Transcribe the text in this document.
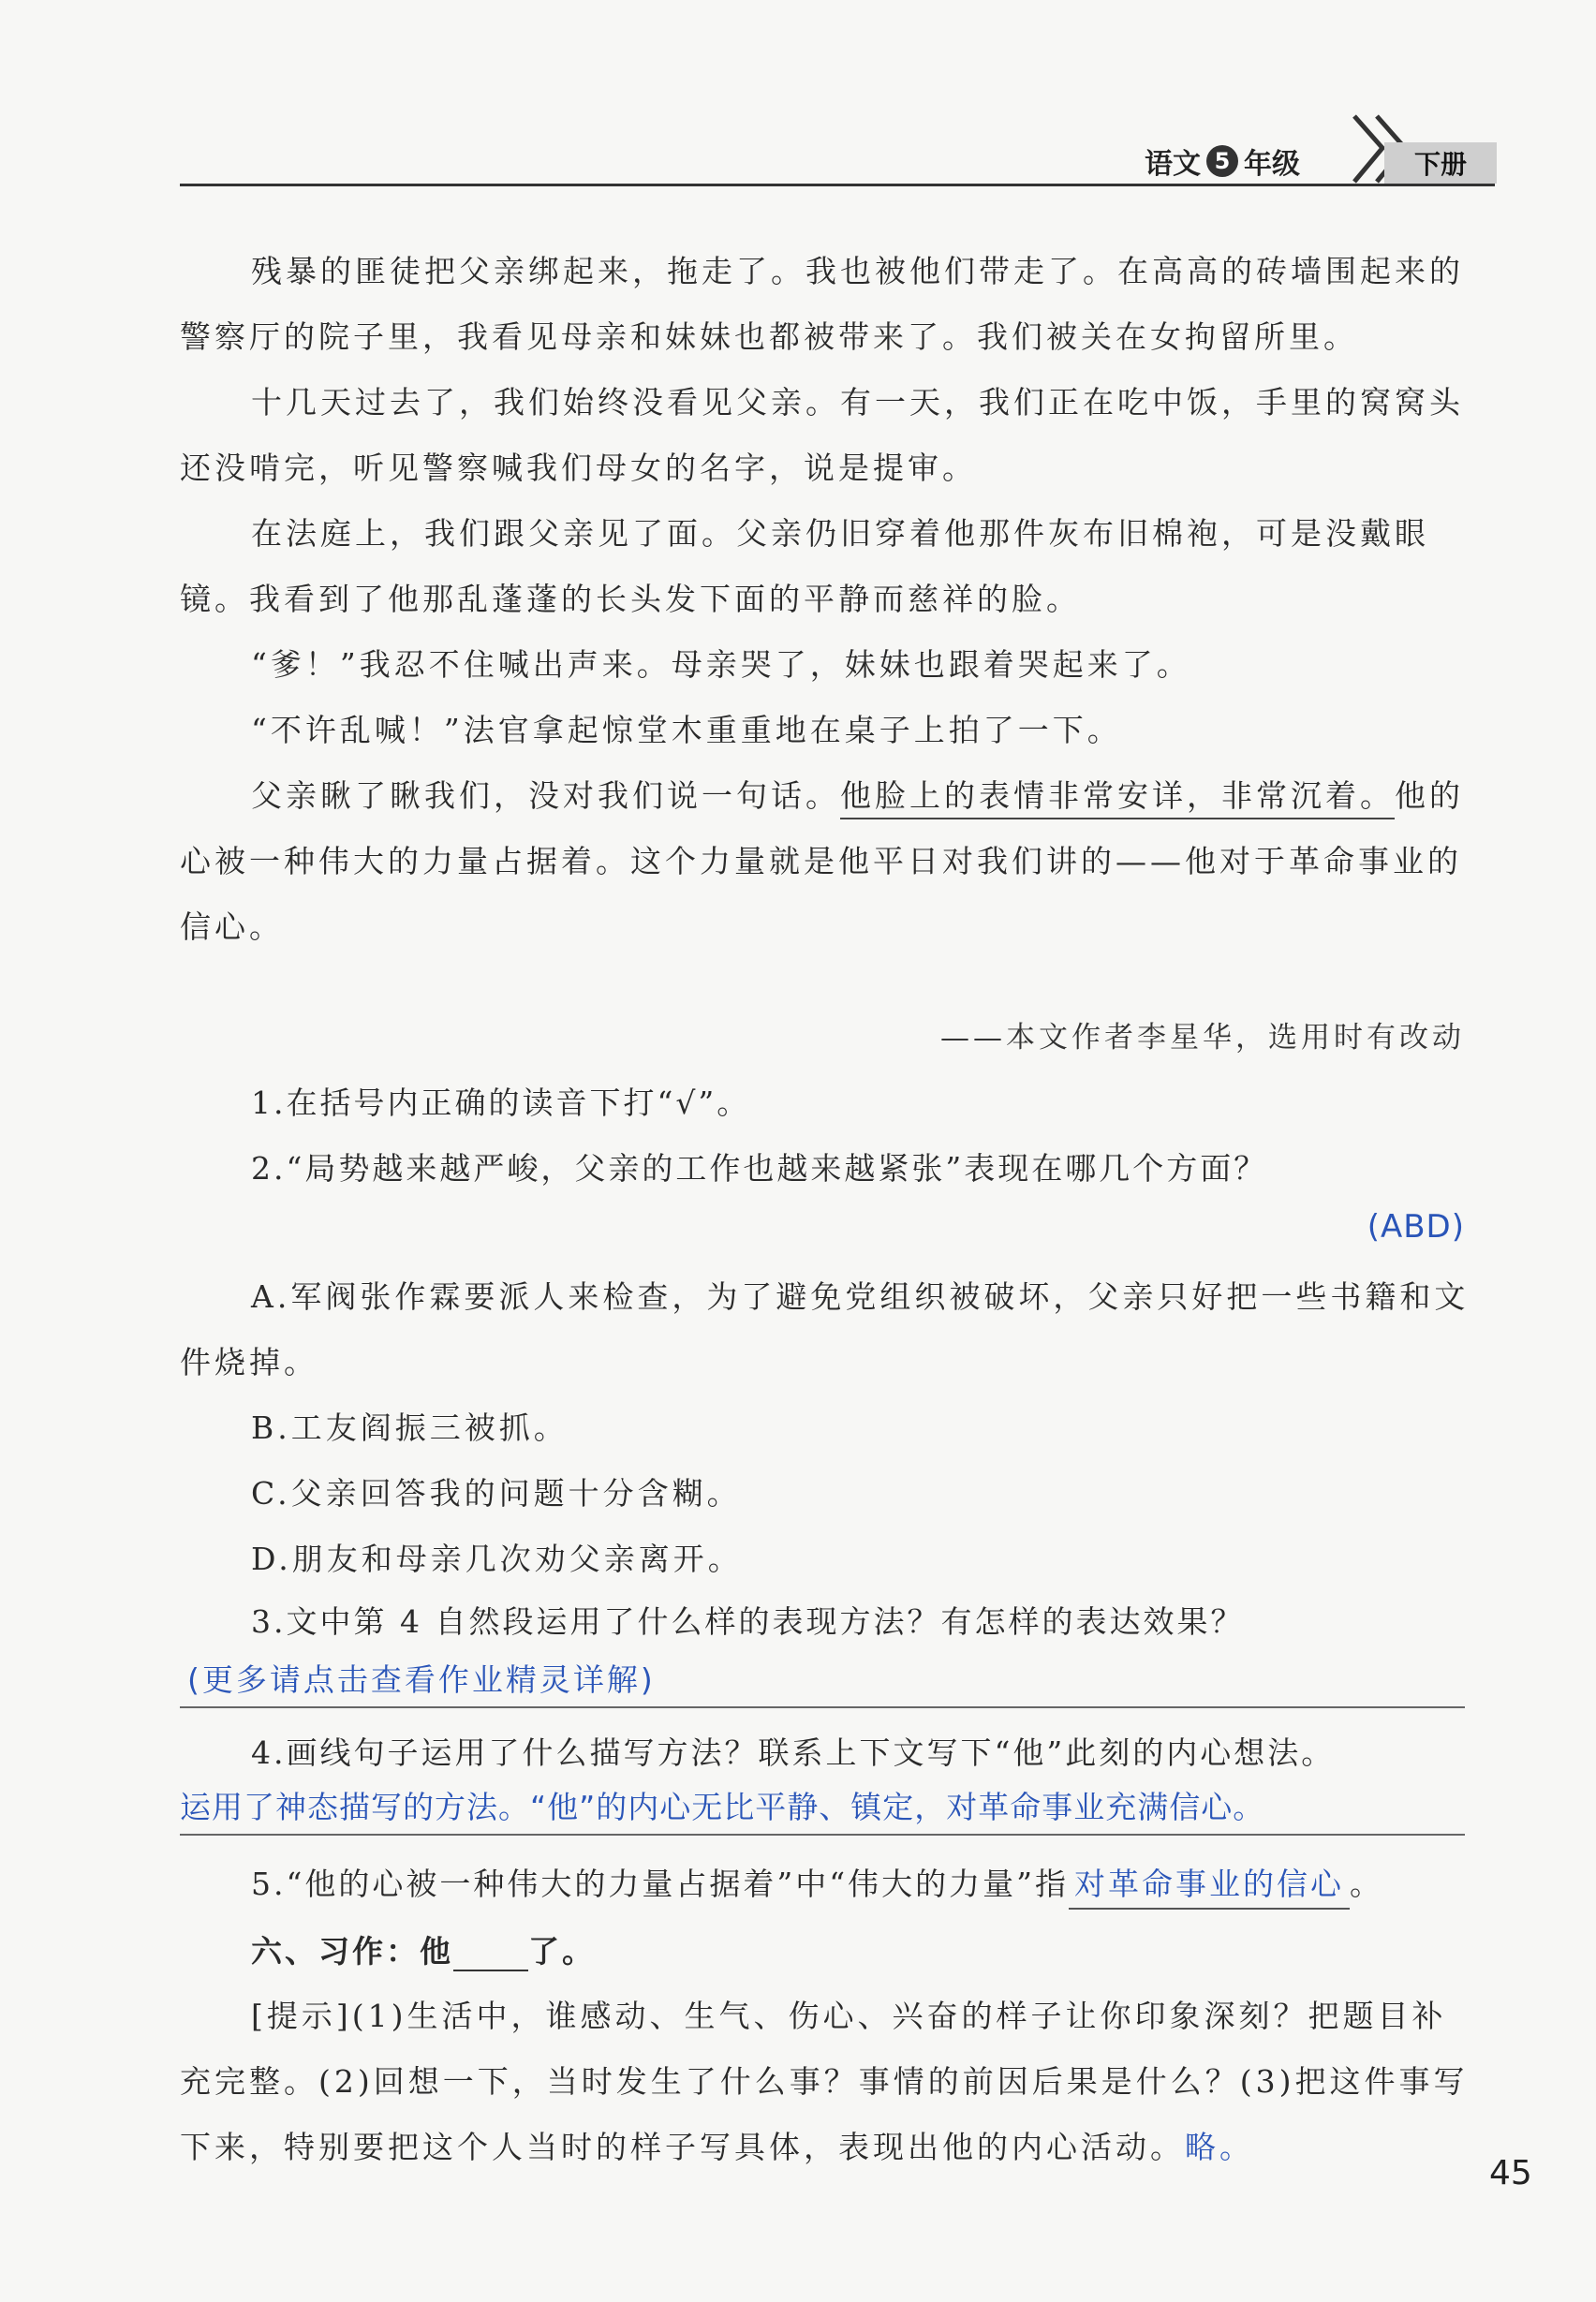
语文 5 年级	下册

残暴的匪徒把父亲绑起来，拖走了。我也被他们带走了。在高高的砖墙围起来的警察厅的院子里，我看见母亲和妹妹也都被带来了。我们被关在女拘留所里。

十几天过去了，我们始终没看见父亲。有一天，我们正在吃中饭，手里的窝窝头还没啃完，听见警察喊我们母女的名字，说是提审。

在法庭上，我们跟父亲见了面。父亲仍旧穿着他那件灰布旧棉袍，可是没戴眼镜。我看到了他那乱蓬蓬的长头发下面的平静而慈祥的脸。

“爹！”我忍不住喊出声来。母亲哭了，妹妹也跟着哭起来了。

“不许乱喊！”法官拿起惊堂木重重地在桌子上拍了一下。

父亲瞅了瞅我们，没对我们说一句话。他脸上的表情非常安详，非常沉着。他的心被一种伟大的力量占据着。这个力量就是他平日对我们讲的——他对于革命事业的信心。

——本文作者李星华，选用时有改动
1.在括号内正确的读音下打“√”。
2.“局势越来越严峻，父亲的工作也越来越紧张”表现在哪几个方面？
(ABD)

A.军阀张作霖要派人来检查，为了避免党组织被破坏，父亲只好把一些书籍和文件烧掉。

B.工友阎振三被抓。

C.父亲回答我的问题十分含糊。

D.朋友和母亲几次劝父亲离开。

3.文中第 4 自然段运用了什么样的表现方法？有怎样的表达效果？
(更多请点击查看作业精灵详解)
4.画线句子运用了什么描写方法？联系上下文写下“他”此刻的内心想法。
运用了神态描写的方法。“他”的内心无比平静、镇定，对革命事业充满信心。
5.“他的心被一种伟大的力量占据着”中“伟大的力量”指 对革命事业的信心 。
六、习作：他 了。

[提示](1)生活中，谁感动、生气、伤心、兴奋的样子让你印象深刻？把题目补充完整。(2)回想一下，当时发生了什么事？事情的前因后果是什么？(3)把这件事写下来，特别要把这个人当时的样子写具体，表现出他的内心活动。略。

45
